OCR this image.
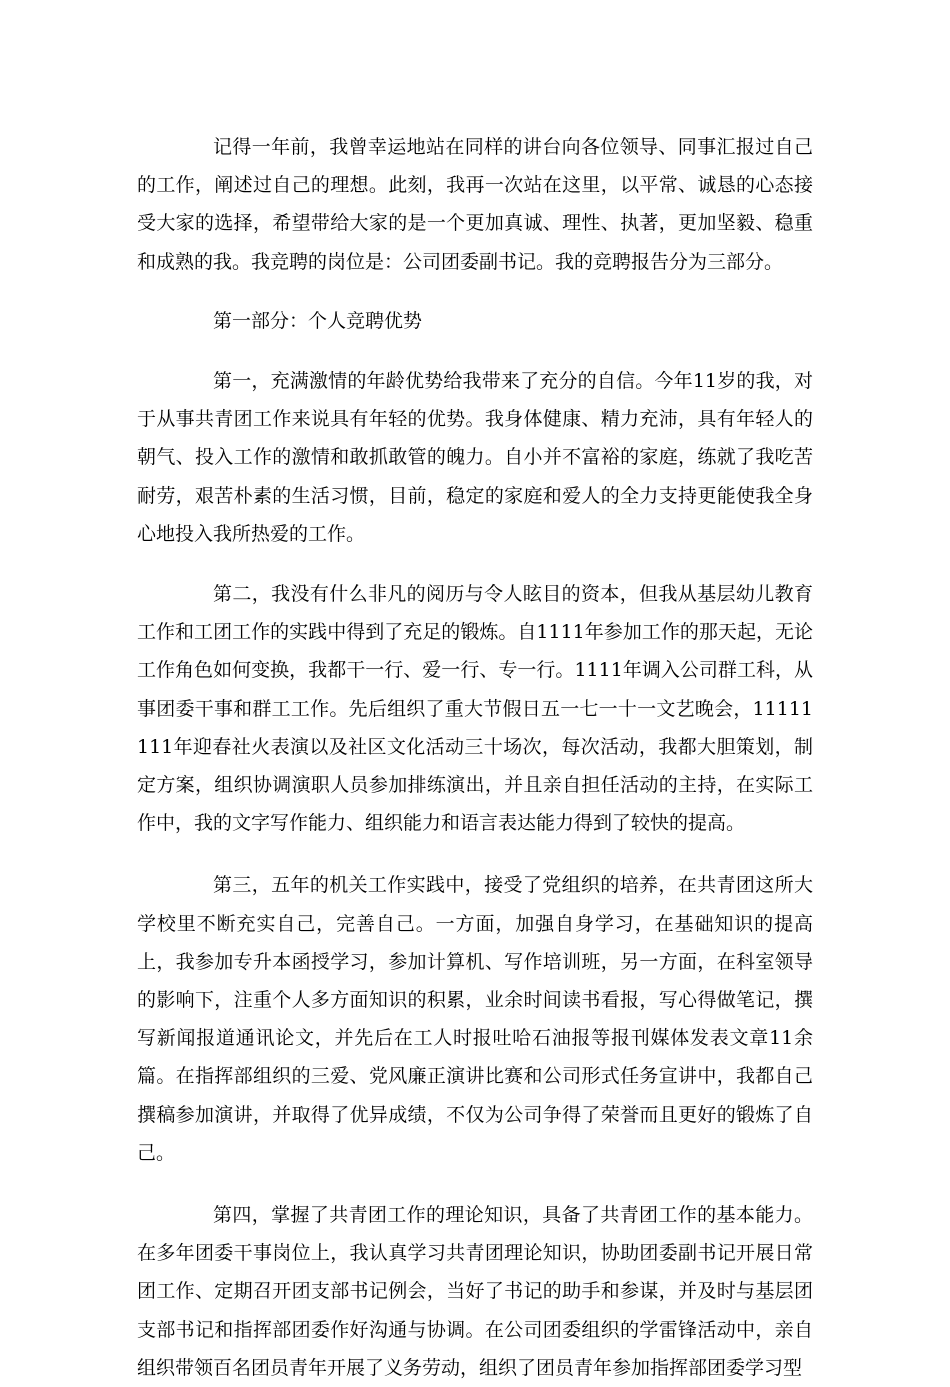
记得一年前，我曾幸运地站在同样的讲台向各位领导、同事汇报过自己的工作，阐述过自己的理想。此刻，我再一次站在这里，以平常、诚恳的心态接受大家的选择，希望带给大家的是一个更加真诚、理性、执著，更加坚毅、稳重和成熟的我。我竞聘的岗位是：公司团委副书记。我的竞聘报告分为三部分。

第一部分：个人竞聘优势

第一，充满激情的年龄优势给我带来了充分的自信。今年11岁的我，对于从事共青团工作来说具有年轻的优势。我身体健康、精力充沛，具有年轻人的朝气、投入工作的激情和敢抓敢管的魄力。自小并不富裕的家庭，练就了我吃苦耐劳，艰苦朴素的生活习惯，目前，稳定的家庭和爱人的全力支持更能使我全身心地投入我所热爱的工作。

第二，我没有什么非凡的阅历与令人眩目的资本，但我从基层幼儿教育工作和工团工作的实践中得到了充足的锻炼。自1111年参加工作的那天起，无论工作角色如何变换，我都干一行、爱一行、专一行。1111年调入公司群工科，从事团委干事和群工工作。先后组织了重大节假日五一七一十一文艺晚会，11111111年迎春社火表演以及社区文化活动三十场次，每次活动，我都大胆策划，制定方案，组织协调演职人员参加排练演出，并且亲自担任活动的主持，在实际工作中，我的文字写作能力、组织能力和语言表达能力得到了较快的提高。

第三，五年的机关工作实践中，接受了党组织的培养，在共青团这所大学校里不断充实自己，完善自己。一方面，加强自身学习，在基础知识的提高上，我参加专升本函授学习，参加计算机、写作培训班，另一方面，在科室领导的影响下，注重个人多方面知识的积累，业余时间读书看报，写心得做笔记，撰写新闻报道通讯论文，并先后在工人时报吐哈石油报等报刊媒体发表文章11余篇。在指挥部组织的三爱、党风廉正演讲比赛和公司形式任务宣讲中，我都自己撰稿参加演讲，并取得了优异成绩，不仅为公司争得了荣誉而且更好的锻炼了自己。

第四，掌握了共青团工作的理论知识，具备了共青团工作的基本能力。在多年团委干事岗位上，我认真学习共青团理论知识，协助团委副书记开展日常团工作、定期召开团支部书记例会，当好了书记的助手和参谋，并及时与基层团支部书记和指挥部团委作好沟通与协调。在公司团委组织的学雷锋活动中，亲自组织带领百名团员青年开展了义务劳动，组织了团员青年参加指挥部团委学习型
